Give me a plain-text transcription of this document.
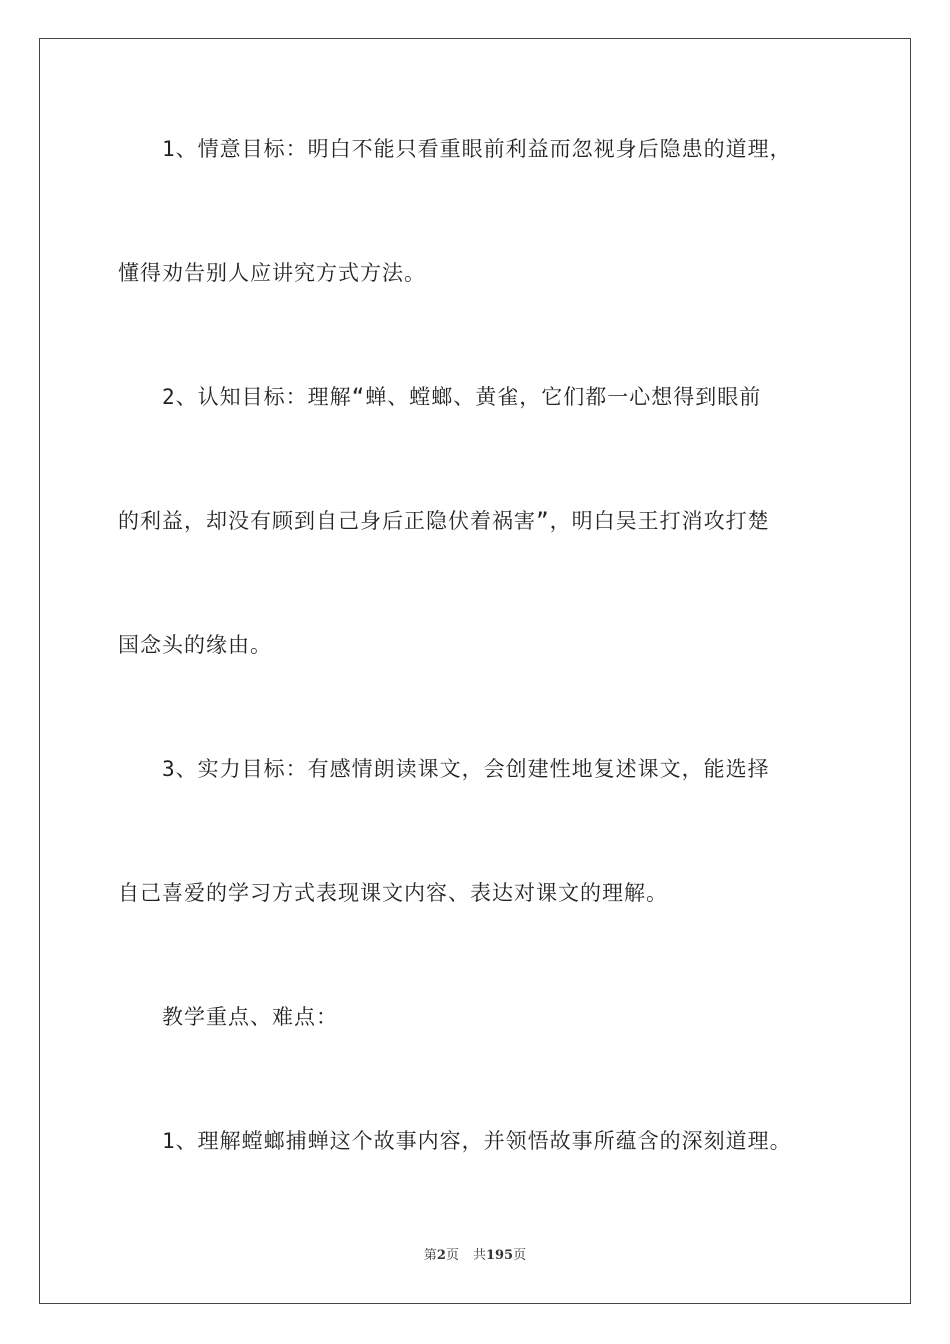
1、情意目标：明白不能只看重眼前利益而忽视身后隐患的道理，
懂得劝告别人应讲究方式方法。
2、认知目标：理解“蝉、螳螂、黄雀，它们都一心想得到眼前
的利益，却没有顾到自己身后正隐伏着祸害”，明白吴王打消攻打楚
国念头的缘由。
3、实力目标：有感情朗读课文，会创建性地复述课文，能选择
自己喜爱的学习方式表现课文内容、表达对课文的理解。
教学重点、难点：
1、理解螳螂捕蝉这个故事内容，并领悟故事所蕴含的深刻道理。
第2页 共195页
